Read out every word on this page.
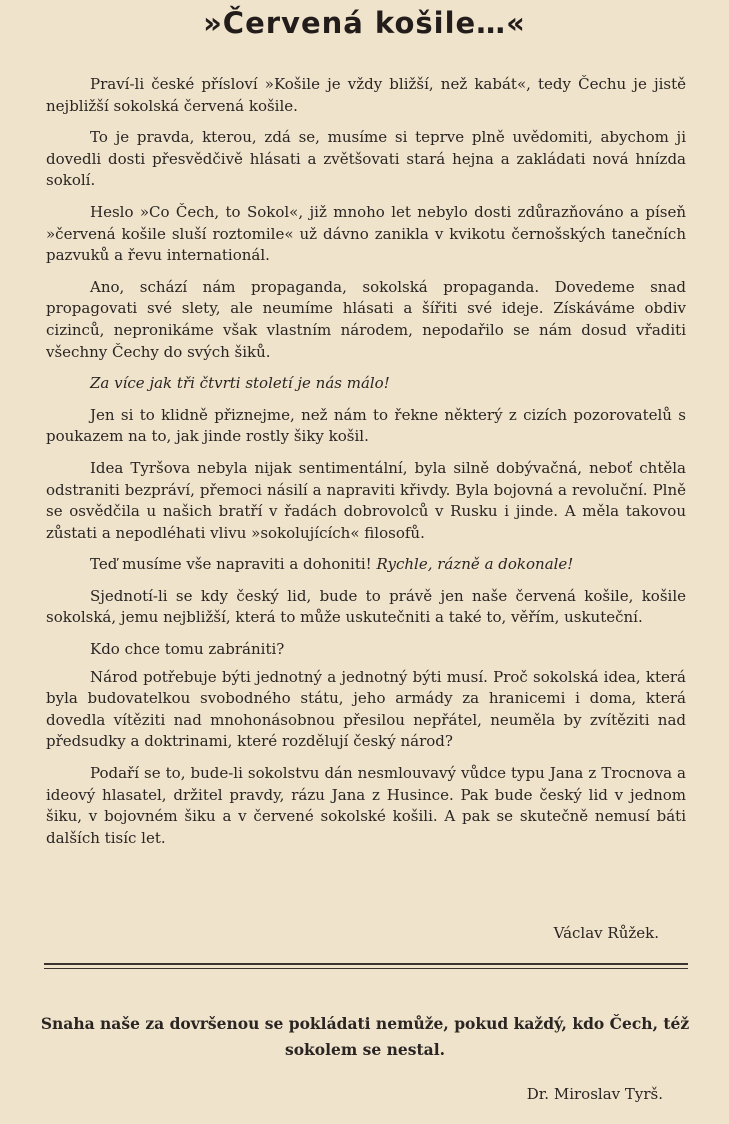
»Červená košile…«

Praví-li české přísloví »Košile je vždy bližší, než kabát«, tedy Čechu je jistě nejbližší sokolská červená košile.

To je pravda, kterou, zdá se, musíme si teprve plně uvědomiti, abychom ji dovedli dosti přesvědčivě hlásati a zvětšovati stará hejna a zakládati nová hnízda sokolí.

Heslo »Co Čech, to Sokol«, již mnoho let nebylo dosti zdůrazňováno a píseň »červená košile sluší roztomile« už dávno zanikla v kvikotu černošských tanečních pazvuků a řevu internationál.

Ano, schází nám propaganda, sokolská propaganda. Dovedeme snad propagovati své slety, ale neumíme hlásati a šířiti své ideje. Získáváme obdiv cizinců, nepronikáme však vlastním národem, nepodařilo se nám dosud vřaditi všechny Čechy do svých šiků.

Za více jak tři čtvrti století je nás málo!

Jen si to klidně přiznejme, než nám to řekne některý z cizích pozorovatelů s poukazem na to, jak jinde rostly šiky košil.

Idea Tyršova nebyla nijak sentimentální, byla silně dobývačná, neboť chtěla odstraniti bezpráví, přemoci násilí a napraviti křivdy. Byla bojovná a revoluční. Plně se osvědčila u našich bratří v řadách dobrovolců v Rusku i jinde. A měla takovou zůstati a nepodléhati vlivu »sokolujících« filosofů.

Teď musíme vše napraviti a dohoniti! Rychle, rázně a dokonale!

Sjednotí-li se kdy český lid, bude to právě jen naše červená košile, košile sokolská, jemu nejbližší, která to může uskutečniti a také to, věřím, uskuteční.

Kdo chce tomu zabrániti?

Národ potřebuje býti jednotný a jednotný býti musí. Proč sokolská idea, která byla budovatelkou svobodného státu, jeho armády za hranicemi i doma, která dovedla vítěziti nad mnohonásobnou přesilou nepřátel, neuměla by zvítěziti nad předsudky a doktrinami, které rozdělují český národ?

Podaří se to, bude-li sokolstvu dán nesmlouvavý vůdce typu Jana z Trocnova a ideový hlasatel, držitel pravdy, rázu Jana z Husince. Pak bude český lid v jednom šiku, v bojovném šiku a v červené sokolské košili. A pak se skutečně nemusí báti dalších tisíc let.

Václav Růžek.
Snaha naše za dovršenou se pokládati nemůže, pokud každý, kdo Čech, též sokolem se nestal.
Dr. Miroslav Tyrš.
